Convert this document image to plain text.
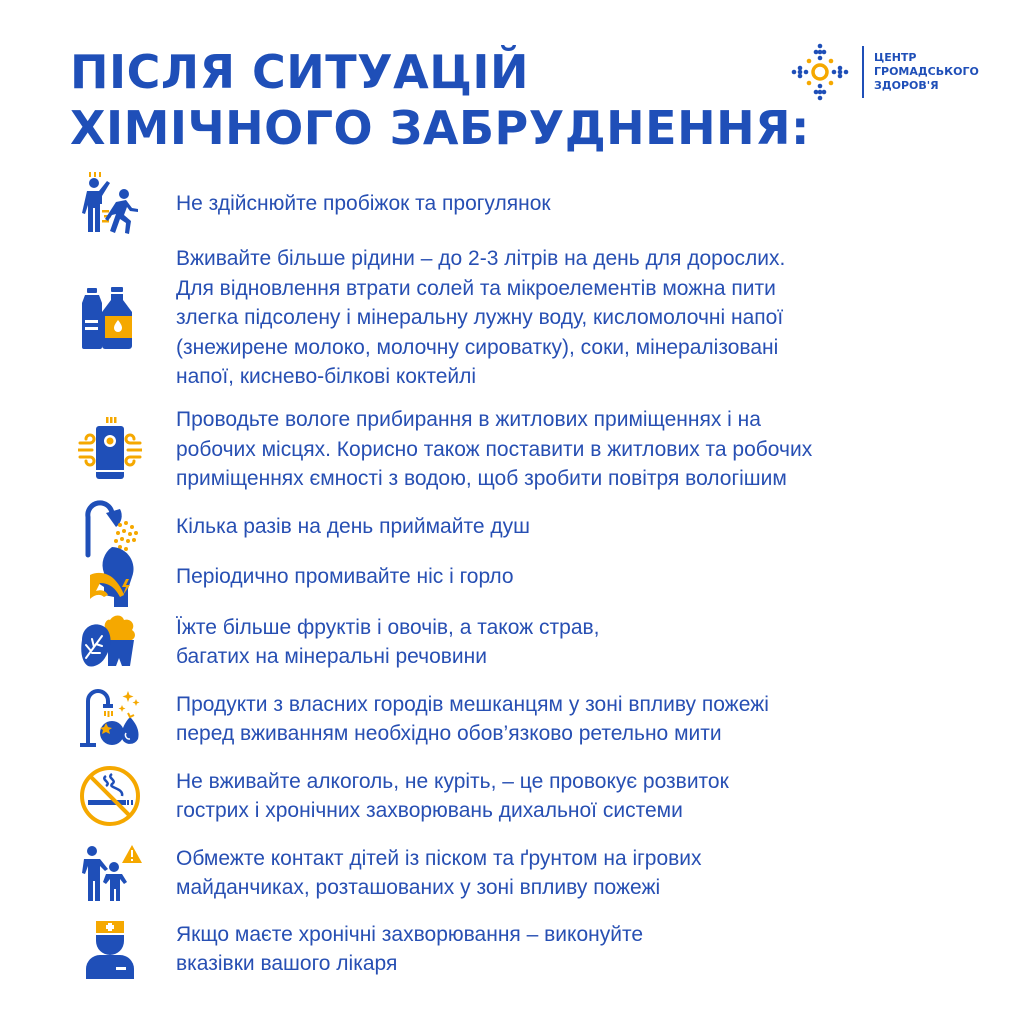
ПІСЛЯ СИТУАЦІЙ
ХІМІЧНОГО ЗАБРУДНЕННЯ:
ЦЕНТР
ГРОМАДСЬКОГО
ЗДОРОВ'Я
Не здійснюйте пробіжок та прогулянок
Вживайте більше рідини – до 2-3 літрів на день для дорослих.
Для відновлення втрати солей та мікроелементів можна пити
злегка підсолену і мінеральну лужну воду, кисломолочні напої
(знежирене молоко, молочну сироватку), соки, мінералізовані
напої, киснево-білкові коктейлі
Проводьте вологе прибирання в житлових приміщеннях і на
робочих місцях. Корисно також поставити в житлових та робочих
приміщеннях ємності з водою, щоб зробити повітря вологішим
Кілька разів на день приймайте душ
Періодично промивайте ніс і горло
Їжте більше фруктів і овочів, а також страв,
багатих на мінеральні речовини
Продукти з власних городів мешканцям у зоні впливу пожежі
перед вживанням необхідно обов’язково ретельно мити
Не вживайте алкоголь, не куріть, – це провокує розвиток
гострих і хронічних захворювань дихальної системи
Обмежте контакт дітей із піском та ґрунтом на ігрових
майданчиках, розташованих у зоні впливу пожежі
Якщо маєте хронічні захворювання – виконуйте
вказівки вашого лікаря
